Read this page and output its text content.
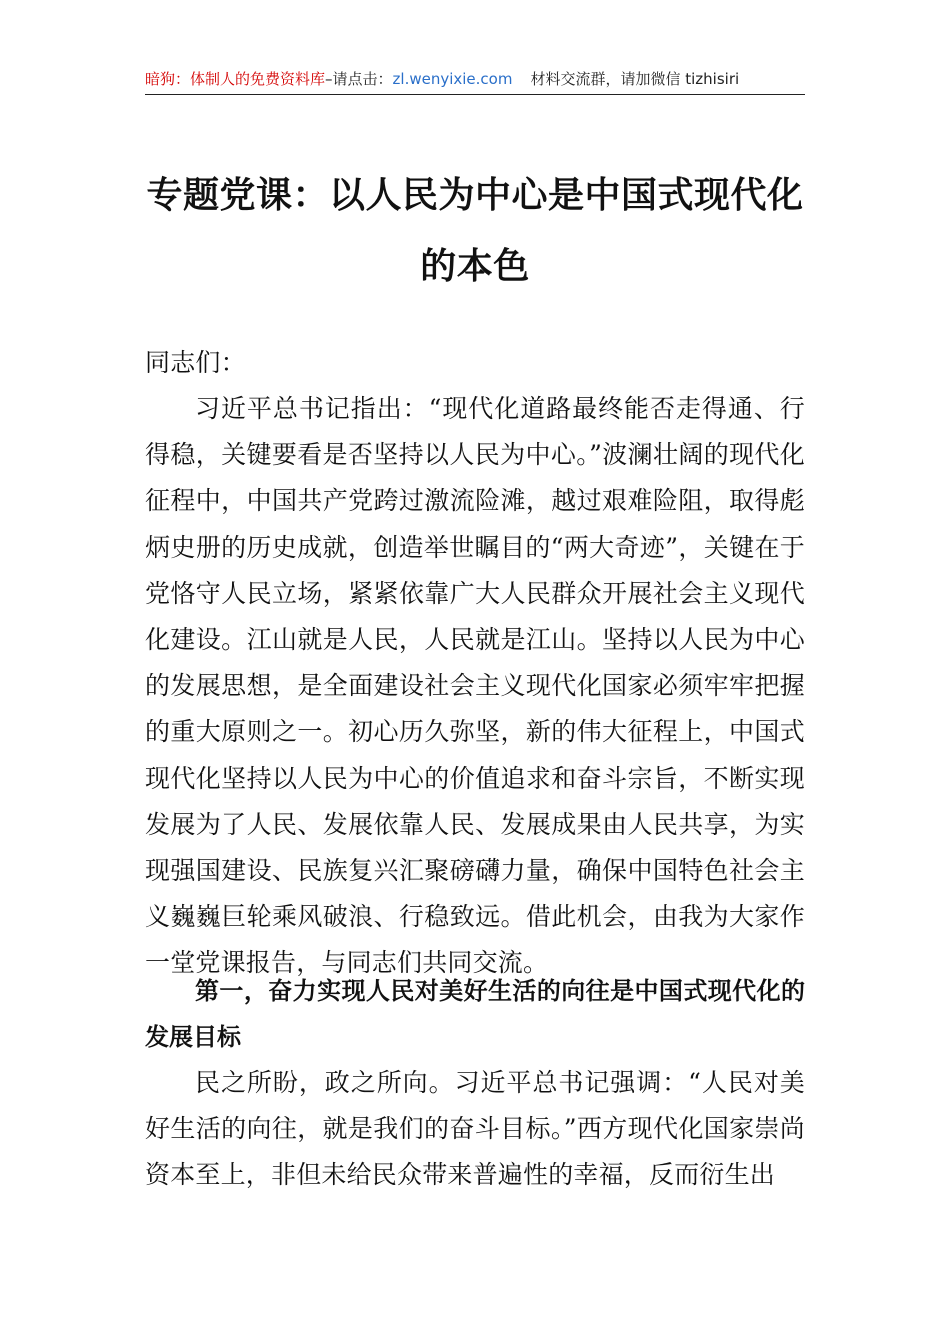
暗狗：体制人的免费资料库–请点击：zl.wenyixie.com 材料交流群，请加微信 tizhisiri
专题党课：以人民为中心是中国式现代化
的本色

同志们：

习近平总书记指出：“现代化道路最终能否走得通、行得稳，关键要看是否坚持以人民为中心。”波澜壮阔的现代化征程中，中国共产党跨过激流险滩，越过艰难险阻，取得彪炳史册的历史成就，创造举世瞩目的“两大奇迹”，关键在于党恪守人民立场，紧紧依靠广大人民群众开展社会主义现代化建设。江山就是人民，人民就是江山。坚持以人民为中心的发展思想，是全面建设社会主义现代化国家必须牢牢把握的重大原则之一。初心历久弥坚，新的伟大征程上，中国式现代化坚持以人民为中心的价值追求和奋斗宗旨，不断实现发展为了人民、发展依靠人民、发展成果由人民共享，为实现强国建设、民族复兴汇聚磅礴力量，确保中国特色社会主义巍巍巨轮乘风破浪、行稳致远。借此机会，由我为大家作一堂党课报告，与同志们共同交流。

第一，奋力实现人民对美好生活的向往是中国式现代化的发展目标

民之所盼，政之所向。习近平总书记强调：“人民对美好生活的向往，就是我们的奋斗目标。”西方现代化国家崇尚资本至上，非但未给民众带来普遍性的幸福，反而衍生出
